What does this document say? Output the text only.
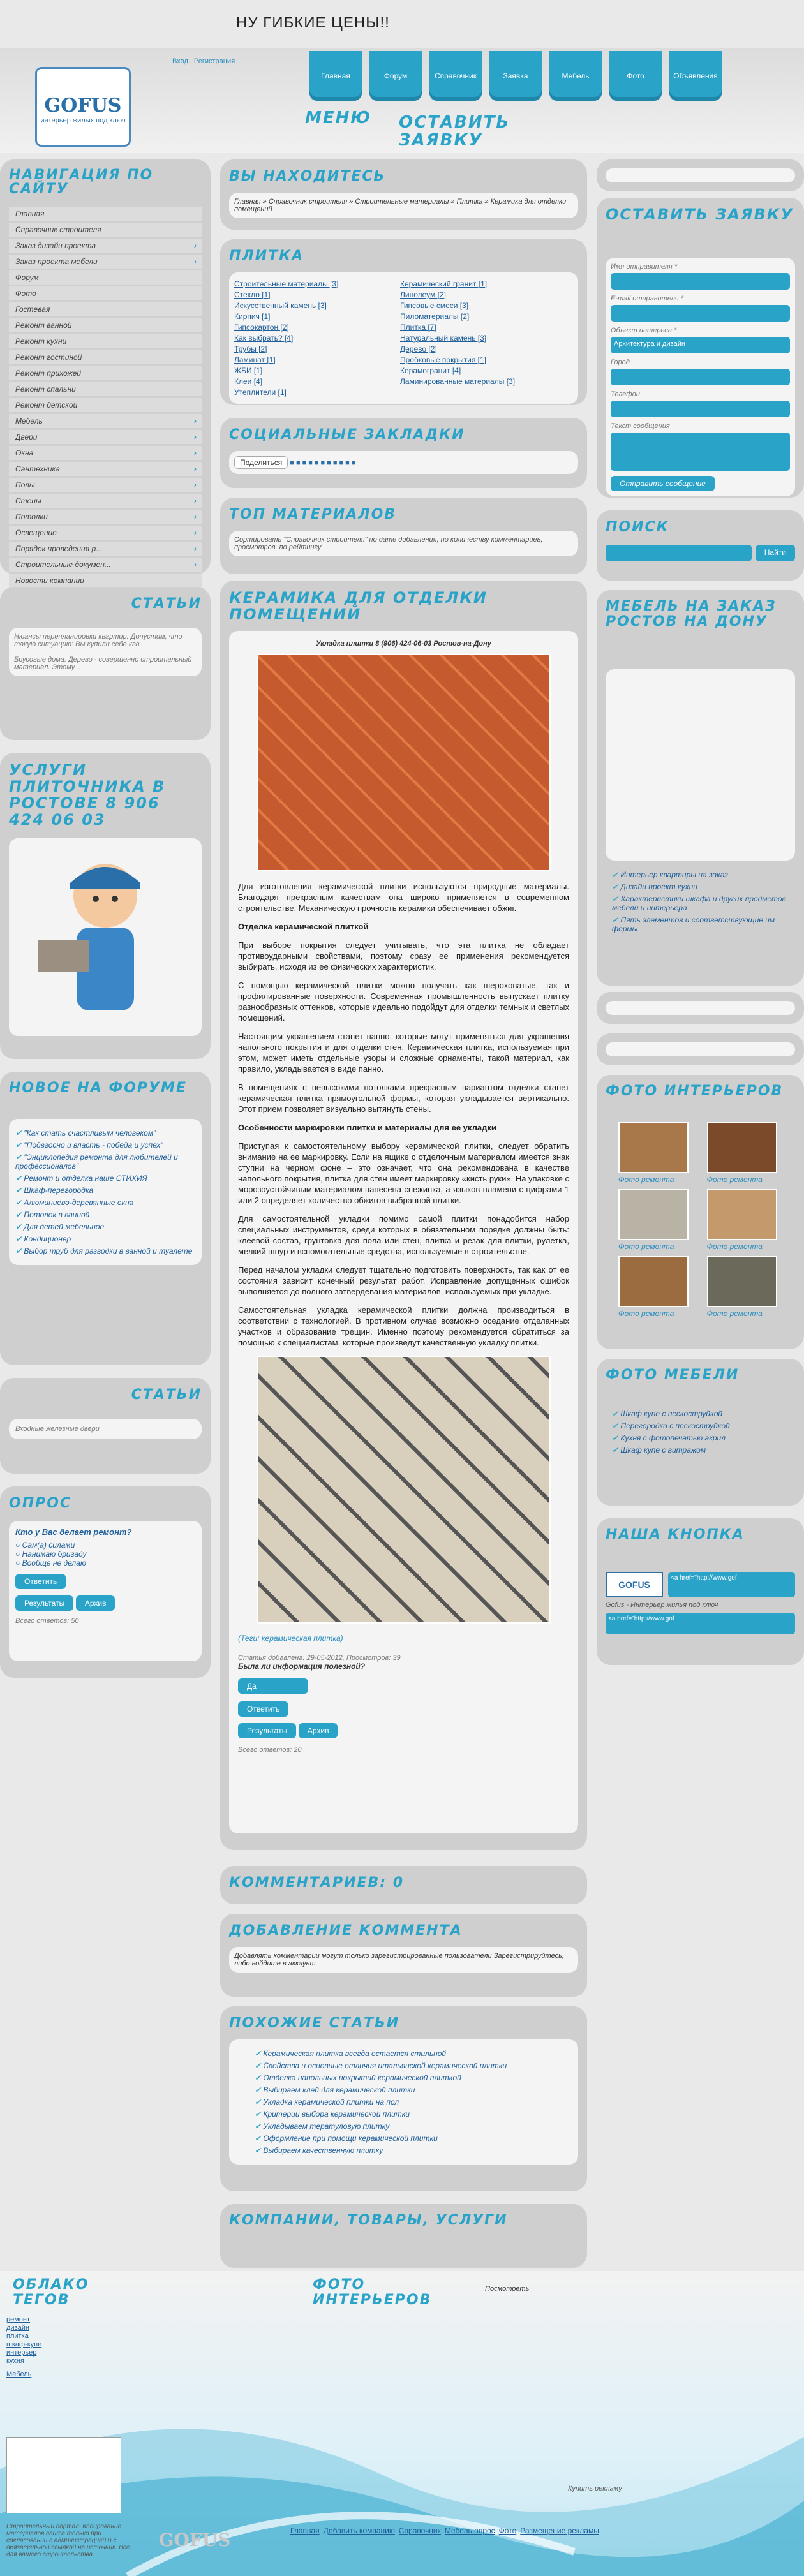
НУ ГИБКИЕ ЦЕНЫ!!
GOFUS
интерьер жилых под ключ
Вход | Регистрация
Главная	Форум	Справочник	Заявка	Мебель	Фото	Объявления
МЕНЮ ОСТАВИТЬ ЗАЯВКУ
НАВИГАЦИЯ ПО САЙТУ
Главная
Справочник строителя
Заказ дизайн проекта ›
Заказ проекта мебели ›
Форум
Фото
Гостевая
Ремонт ванной
Ремонт кухни
Ремонт гостиной
Ремонт прихожей
Ремонт спальни
Ремонт детской
Мебель ›
Двери ›
Окна ›
Сантехника ›
Полы ›
Стены ›
Потолки ›
Освещение ›
Порядок проведения р... ›
Строительные докумен... ›
Новости компании
СТАТЬИ

Нюансы перепланировки квартир: Допустим, что такую ситуацию: Вы купили себе ква...

Брусовые дома: Дерево - совершенно строительный материал. Этому...

УСЛУГИ ПЛИТОЧНИКА В РОСТОВЕ 8 906 424 06 03
НОВОЕ НА ФОРУМЕ
✔ "Как стать счастливым человеком"
✔ "Подвгосно и власть - победа и успех"
✔ "Энциклопедия ремонта для любителей и профессионалов"
✔ Ремонт и отделка наше СТИХИЯ
✔ Шкаф-перегородка
✔ Алюминиево-деревянные окна
✔ Потолок в ванной
✔ Для детей мебельное
✔ Кондиционер
✔ Выбор труб для разводки в ванной и туалете
СТАТЬИ
Входные железные двери
ОПРОС
Кто у Вас делает ремонт?
○ Сам(а) силами
○ Нанимаю бригаду
○ Вообще не делаю
Ответить
Результаты	Архив
Всего ответов: 50
ВЫ НАХОДИТЕСЬ
Главная » Справочник строителя » Строительные материалы » Плитка » Керамика для отделки помещений
ПЛИТКА
Строительные материалы [3]
Стекло [1]
Искусственный камень [3]
Кирпич [1]
Гипсокартон [2]
Как выбрать? [4]
Трубы [2]
Ламинат [1]
ЖБИ [1]
Клеи [4]
Утеплители [1]
Керамический гранит [1]
Линолеум [2]
Гипсовые смеси [3]
Пиломатериалы [2]
Плитка [7]
Натуральный камень [3]
Дерево [2]
Пробковые покрытия [1]
Керамогранит [4]
Ламинированные материалы [3]
СОЦИАЛЬНЫЕ ЗАКЛАДКИ
Поделиться ■■■■■■■■■■■
ТОП МАТЕРИАЛОВ
Сортировать "Справочник строителя" по дате добавления, по количеству комментариев, просмотров, по рейтингу
КЕРАМИКА ДЛЯ ОТДЕЛКИ ПОМЕЩЕНИЙ
Укладка плитки 8 (906) 424-06-03 Ростов-на-Дону

Для изготовления керамической плитки используются природные материалы. Благодаря прекрасным качествам она широко применяется в современном строительстве. Механическую прочность керамики обеспечивает обжиг.

Отделка керамической плиткой

При выборе покрытия следует учитывать, что эта плитка не обладает противоударными свойствами, поэтому сразу ее применения рекомендуется выбирать, исходя из ее физических характеристик.

С помощью керамической плитки можно получать как шероховатые, так и профилированные поверхности. Современная промышленность выпускает плитку разнообразных оттенков, которые идеально подойдут для отделки темных и светлых помещений.

Настоящим украшением станет панно, которые могут применяться для украшения напольного покрытия и для отделки стен. Керамическая плитка, используемая при этом, может иметь отдельные узоры и сложные орнаменты, такой материал, как правило, укладывается в виде панно.

В помещениях с невысокими потолками прекрасным вариантом отделки станет керамическая плитка прямоугольной формы, которая укладывается вертикально. Этот прием позволяет визуально вытянуть стены.

Особенности маркировки плитки и материалы для ее укладки

Приступая к самостоятельному выбору керамической плитки, следует обратить внимание на ее маркировку. Если на ящике с отделочным материалом имеется знак ступни на черном фоне – это означает, что она рекомендована в качестве напольного покрытия, плитка для стен имеет маркировку «кисть руки». На упаковке с морозоустойчивым материалом нанесена снежинка, а языков пламени с цифрами 1 или 2 определяет количество обжигов выбранной плитки.

Для самостоятельной укладки помимо самой плитки понадобится набор специальных инструментов, среди которых в обязательном порядке должны быть: клеевой состав, грунтовка для пола или стен, плитка и резак для плитки, рулетка, мелкий шнур и вспомогательные средства, используемые в строительстве.

Перед началом укладки следует тщательно подготовить поверхность, так как от ее состояния зависит конечный результат работ. Исправление допущенных ошибок выполняется до полного затвердевания материалов, используемых при укладке.

Самостоятельная укладка керамической плитки должна производиться в соответствии с технологией. В противном случае возможно оседание отделанных участков и образование трещин. Именно поэтому рекомендуется обратиться за помощью к специалистам, которые произведут качественную укладку плитки.

(Теги: керамическая плитка)
Статья добавлена: 29-05-2012, Просмотров: 39
Была ли информация полезной?
Да
Ответить
Результаты	Архив
Всего ответов: 20
КОММЕНТАРИЕВ: 0
ДОБАВЛЕНИЕ КОММЕНТА
Добавлять комментарии могут только зарегистрированные пользователи Зарегистрируйтесь, либо войдите в аккаунт
ПОХОЖИЕ СТАТЬИ
✔ Керамическая плитка всегда остается стильной
✔ Свойства и основные отличия итальянской керамической плитки
✔ Отделка напольных покрытий керамической плиткой
✔ Выбираем клей для керамической плитки
✔ Укладка керамической плитки на пол
✔ Критерии выбора керамической плитки
✔ Укладываем тератуловую плитку
✔ Оформление при помощи керамической плитки
✔ Выбираем качественную плитку
КОМПАНИИ, ТОВАРЫ, УСЛУГИ
ОСТАВИТЬ ЗАЯВКУ
Имя отправителя *
E-mail отправителя *
Объект интереса *
Архитектура и дизайн
Город
Телефон
Текст сообщения
Отправить сообщение
ПОИСК
Найти
МЕБЕЛЬ НА ЗАКАЗ РОСТОВ НА ДОНУ
✔ Интерьер квартиры на заказ
✔ Дизайн проект кухни
✔ Характеристики шкафа и других предметов мебели и интерьера
✔ Пять элементов и соответствующие им формы
ФОТО ИНТЕРЬЕРОВ
Фото ремонта	Фото ремонта
Фото ремонта	Фото ремонта
Фото ремонта	Фото ремонта
ФОТО МЕБЕЛИ
✔ Шкаф купе с пескоструйкой
✔ Перегородка с пескоструйкой
✔ Кухня с фотопечатью акрил
✔ Шкаф купе с витражом
НАША КНОПКА
GOFUS
<a href="http://www.gof
Gofus - Интерьер жилья под ключ
<a href="http://www.gof
ОБЛАКО ТЕГОВ
ремонт
дизайн
плитка
шкаф-купе
интерьер
кухня
Мебель
ФОТО ИНТЕРЬЕРОВ
Посмотреть
Купить рекламу
Строительный портал. Копирование материалов сайта только при согласовании с администрацией и с обязательной ссылкой на источник. Все для вашего строительства.
GOFUS	Главная Добавить компанию Справочник Мебель опрос Фото Размещение рекламы
